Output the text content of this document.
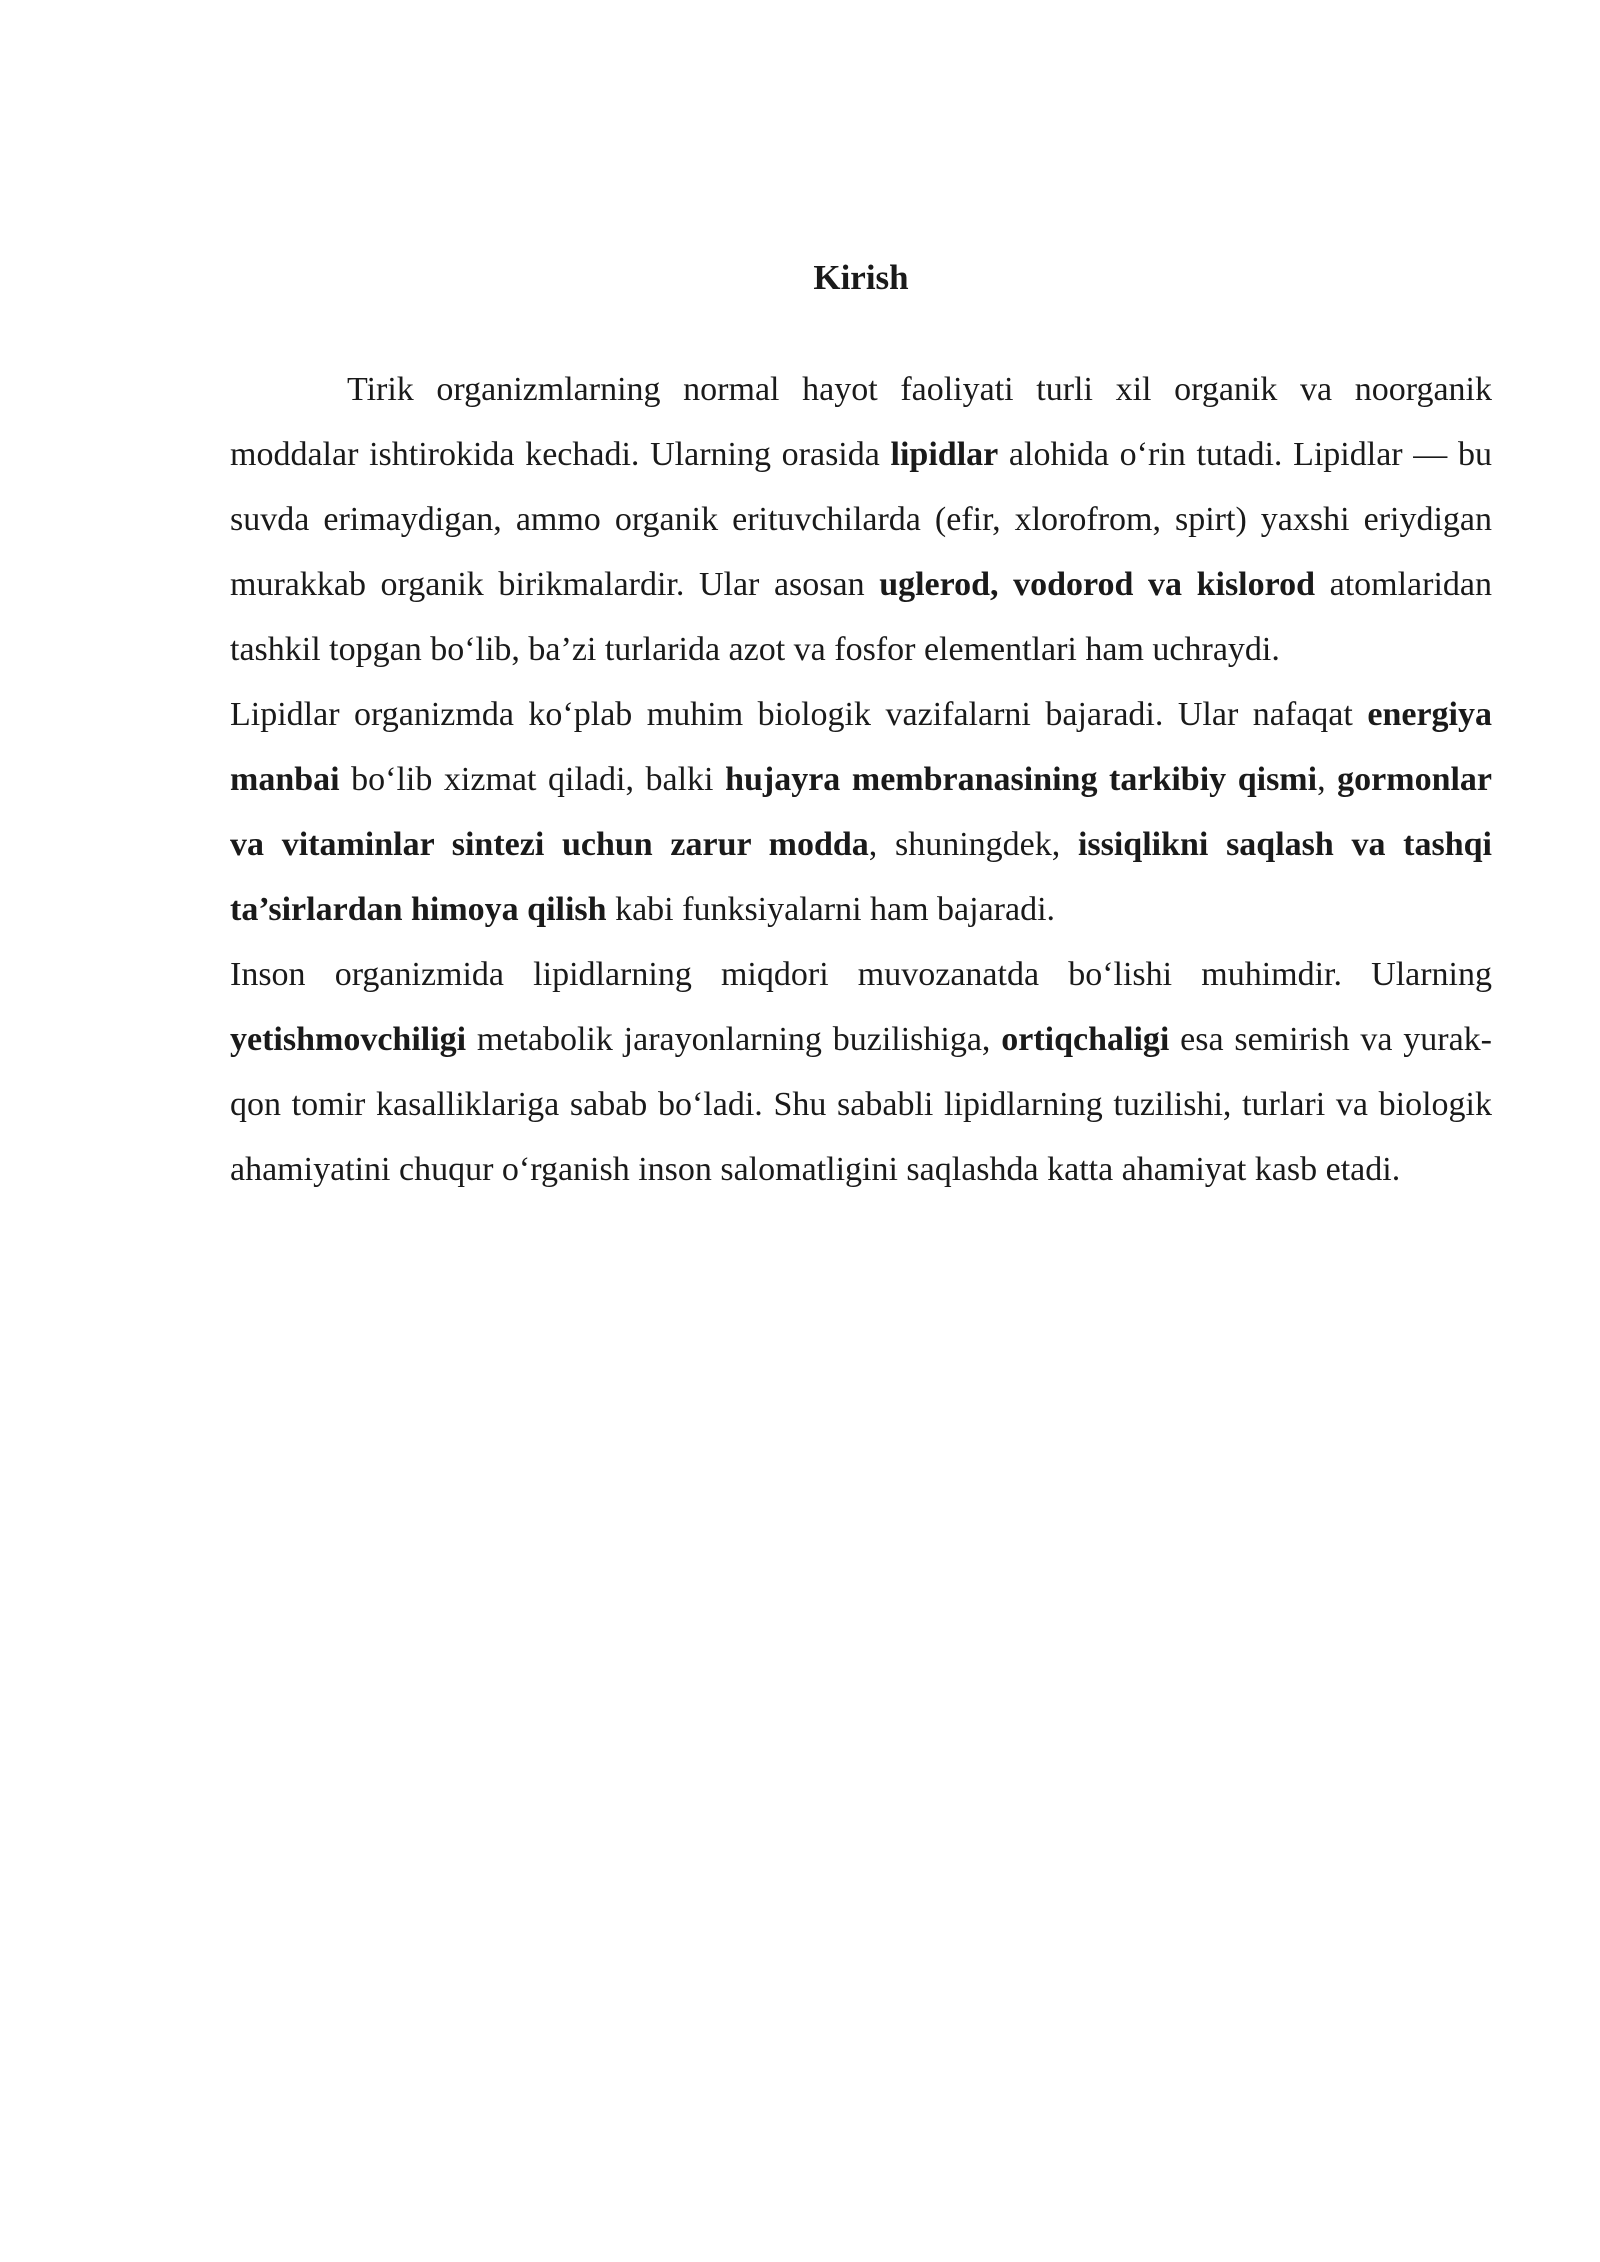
Kirish

Tirik organizmlarning normal hayot faoliyati turli xil organik va noorganik moddalar ishtirokida kechadi. Ularning orasida lipidlar alohida o‘rin tutadi. Lipidlar — bu suvda erimaydigan, ammo organik erituvchilarda (efir, xlorofrom, spirt) yaxshi eriydigan murakkab organik birikmalardir. Ular asosan uglerod, vodorod va kislorod atomlaridan tashkil topgan bo‘lib, ba’zi turlarida azot va fosfor elementlari ham uchraydi.

Lipidlar organizmda ko‘plab muhim biologik vazifalarni bajaradi. Ular nafaqat energiya manbai bo‘lib xizmat qiladi, balki hujayra membranasining tarkibiy qismi, gormonlar va vitaminlar sintezi uchun zarur modda, shuningdek, issiqlikni saqlash va tashqi ta’sirlardan himoya qilish kabi funksiyalarni ham bajaradi.

Inson organizmida lipidlarning miqdori muvozanatda bo‘lishi muhimdir. Ularning yetishmovchiligi metabolik jarayonlarning buzilishiga, ortiqchaligi esa semirish va yurak-qon tomir kasalliklariga sabab bo‘ladi. Shu sababli lipidlarning tuzilishi, turlari va biologik ahamiyatini chuqur o‘rganish inson salomatligini saqlashda katta ahamiyat kasb etadi.
